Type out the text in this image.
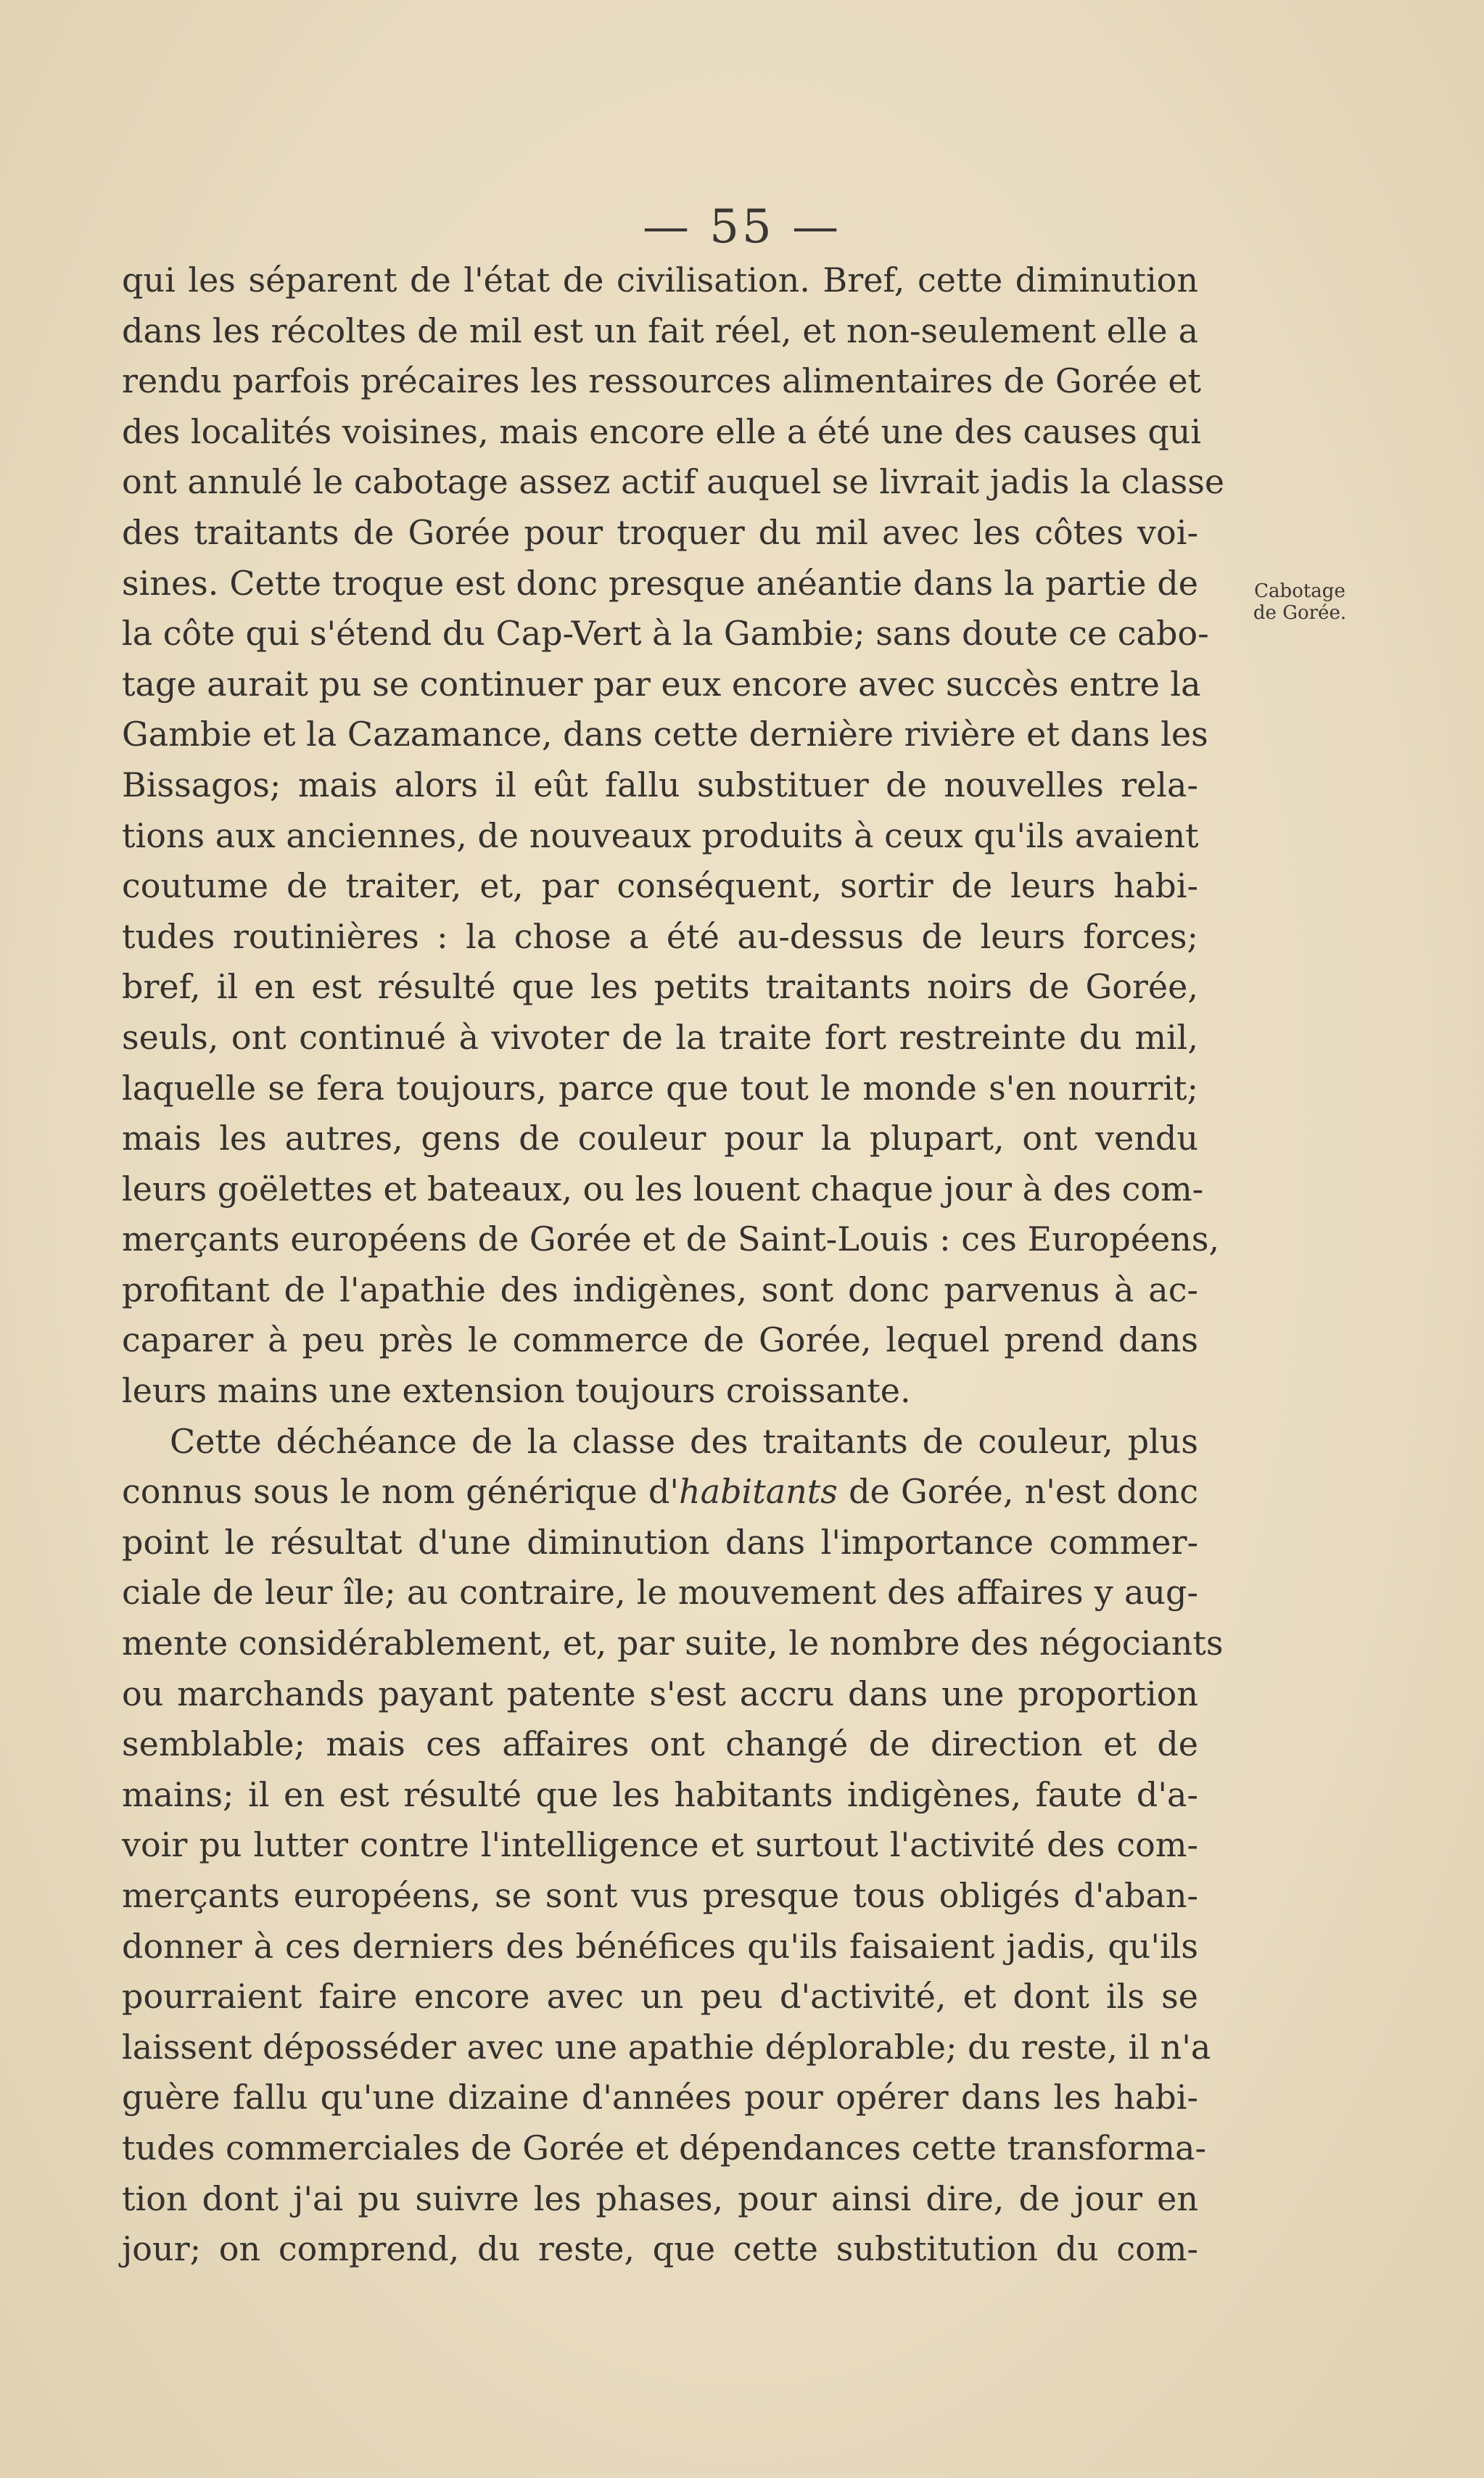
— 55 —
Cabotage
de Gorée.
qui les séparent de l'état de civilisation. Bref, cette diminution
dans les récoltes de mil est un fait réel, et non-seulement elle a
rendu parfois précaires les ressources alimentaires de Gorée et
des localités voisines, mais encore elle a été une des causes qui
ont annulé le cabotage assez actif auquel se livrait jadis la classe
des traitants de Gorée pour troquer du mil avec les côtes voi-
sines. Cette troque est donc presque anéantie dans la partie de
la côte qui s'étend du Cap-Vert à la Gambie; sans doute ce cabo-
tage aurait pu se continuer par eux encore avec succès entre la
Gambie et la Cazamance, dans cette dernière rivière et dans les
Bissagos; mais alors il eût fallu substituer de nouvelles rela-
tions aux anciennes, de nouveaux produits à ceux qu'ils avaient
coutume de traiter, et, par conséquent, sortir de leurs habi-
tudes routinières : la chose a été au-dessus de leurs forces;
bref, il en est résulté que les petits traitants noirs de Gorée,
seuls, ont continué à vivoter de la traite fort restreinte du mil,
laquelle se fera toujours, parce que tout le monde s'en nourrit;
mais les autres, gens de couleur pour la plupart, ont vendu
leurs goëlettes et bateaux, ou les louent chaque jour à des com-
merçants européens de Gorée et de Saint-Louis : ces Européens,
profitant de l'apathie des indigènes, sont donc parvenus à ac-
caparer à peu près le commerce de Gorée, lequel prend dans
leurs mains une extension toujours croissante.
Cette déchéance de la classe des traitants de couleur, plus
connus sous le nom générique d'habitants de Gorée, n'est donc
point le résultat d'une diminution dans l'importance commer-
ciale de leur île; au contraire, le mouvement des affaires y aug-
mente considérablement, et, par suite, le nombre des négociants
ou marchands payant patente s'est accru dans une proportion
semblable; mais ces affaires ont changé de direction et de
mains; il en est résulté que les habitants indigènes, faute d'a-
voir pu lutter contre l'intelligence et surtout l'activité des com-
merçants européens, se sont vus presque tous obligés d'aban-
donner à ces derniers des bénéfices qu'ils faisaient jadis, qu'ils
pourraient faire encore avec un peu d'activité, et dont ils se
laissent déposséder avec une apathie déplorable; du reste, il n'a
guère fallu qu'une dizaine d'années pour opérer dans les habi-
tudes commerciales de Gorée et dépendances cette transforma-
tion dont j'ai pu suivre les phases, pour ainsi dire, de jour en
jour; on comprend, du reste, que cette substitution du com-
